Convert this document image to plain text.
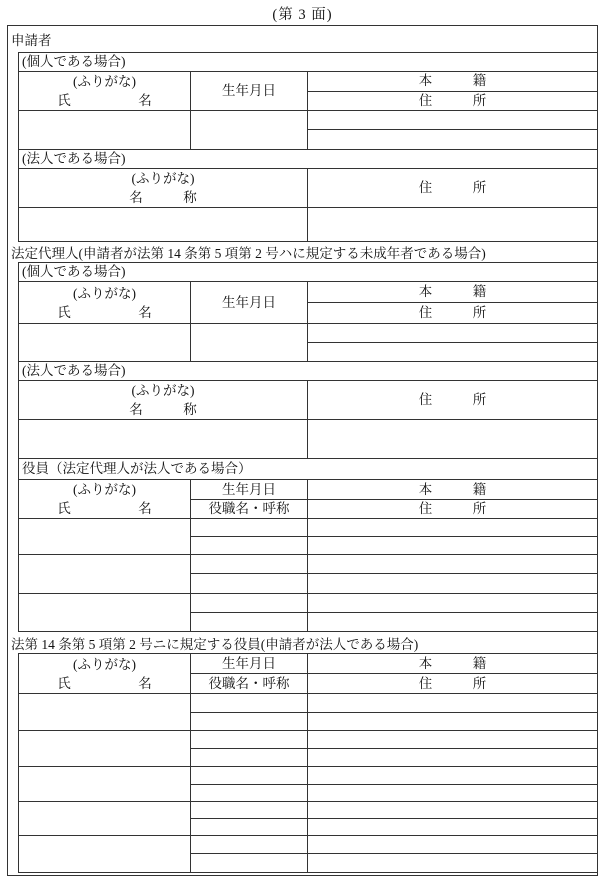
(第 3 面)
申請者
(個人である場合)		

(ふりがな)
氏　　　　　名	生年月日	本　　　籍
		住　　　所

(法人である場合)		

(ふりがな)
名　　　称		住　　　所

法定代理人(申請者が法第 14 条第 5 項第 2 号ハに規定する未成年者である場合)
(個人である場合)		

(ふりがな)
氏　　　　　名	生年月日	本　　　籍
		住　　　所

(法人である場合)		

(ふりがな)
名　　　称		住　　　所

役員（法定代理人が法人である場合）		

(ふりがな)
氏　　　　　名	生年月日	本　　　籍
	役職名・呼称	住　　　所

法第 14 条第 5 項第 2 号ニに規定する役員(申請者が法人である場合)
(ふりがな)
氏　　　　　名	生年月日	本　　　籍
	役職名・呼称	住　　　所
